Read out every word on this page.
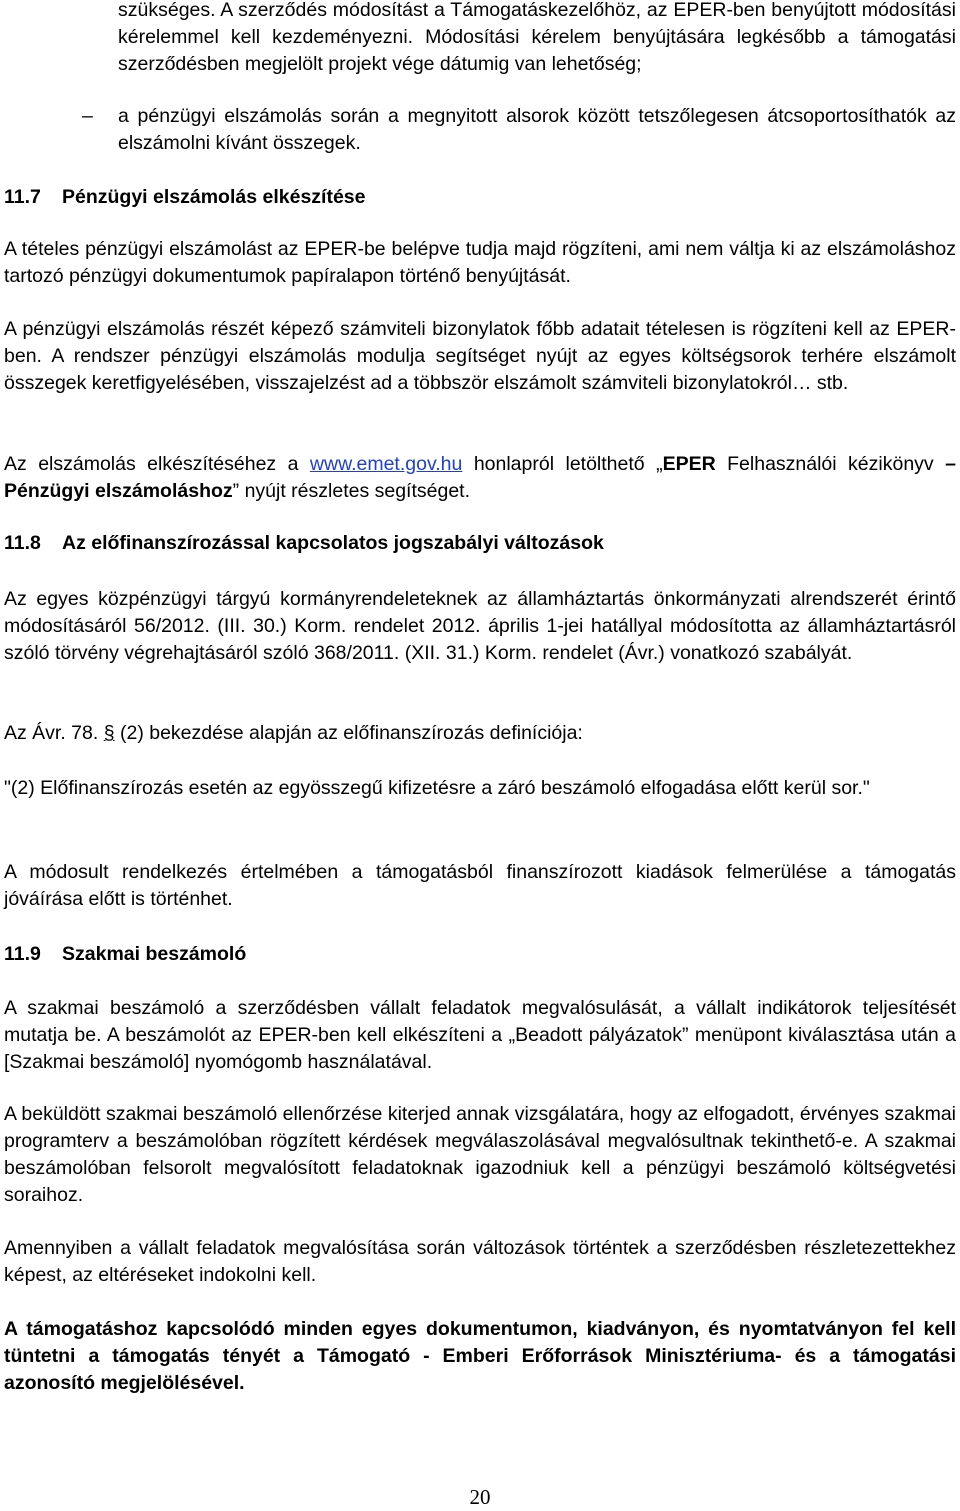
szükséges. A szerződés módosítást a Támogatáskezelőhöz, az EPER-ben benyújtott módosítási kérelemmel kell kezdeményezni. Módosítási kérelem benyújtására legkésőbb a támogatási szerződésben megjelölt projekt vége dátumig van lehetőség;

– a pénzügyi elszámolás során a megnyitott alsorok között tetszőlegesen átcsoportosíthatók az elszámolni kívánt összegek.

11.7 Pénzügyi elszámolás elkészítése

A tételes pénzügyi elszámolást az EPER-be belépve tudja majd rögzíteni, ami nem váltja ki az elszámoláshoz tartozó pénzügyi dokumentumok papíralapon történő benyújtását.

A pénzügyi elszámolás részét képező számviteli bizonylatok főbb adatait tételesen is rögzíteni kell az EPER-ben. A rendszer pénzügyi elszámolás modulja segítséget nyújt az egyes költségsorok terhére elszámolt összegek keretfigyelésében, visszajelzést ad a többször elszámolt számviteli bizonylatokról… stb.

Az elszámolás elkészítéséhez a www.emet.gov.hu honlapról letölthető „EPER Felhasználói kézikönyv – Pénzügyi elszámoláshoz” nyújt részletes segítséget.

11.8 Az előfinanszírozással kapcsolatos jogszabályi változások

Az egyes közpénzügyi tárgyú kormányrendeleteknek az államháztartás önkormányzati alrendszerét érintő módosításáról 56/2012. (III. 30.) Korm. rendelet 2012. április 1-jei hatállyal módosította az államháztartásról szóló törvény végrehajtásáról szóló 368/2011. (XII. 31.) Korm. rendelet (Ávr.) vonatkozó szabályát.

Az Ávr. 78. § (2) bekezdése alapján az előfinanszírozás definíciója:

"(2) Előfinanszírozás esetén az egyösszegű kifizetésre a záró beszámoló elfogadása előtt kerül sor."

A módosult rendelkezés értelmében a támogatásból finanszírozott kiadások felmerülése a támogatás jóváírása előtt is történhet.

11.9 Szakmai beszámoló

A szakmai beszámoló a szerződésben vállalt feladatok megvalósulását, a vállalt indikátorok teljesítését mutatja be. A beszámolót az EPER-ben kell elkészíteni a „Beadott pályázatok” menüpont kiválasztása után a [Szakmai beszámoló] nyomógomb használatával.

A beküldött szakmai beszámoló ellenőrzése kiterjed annak vizsgálatára, hogy az elfogadott, érvényes szakmai programterv a beszámolóban rögzített kérdések megválaszolásával megvalósultnak tekinthető-e. A szakmai beszámolóban felsorolt megvalósított feladatoknak igazodniuk kell a pénzügyi beszámoló költségvetési soraihoz.

Amennyiben a vállalt feladatok megvalósítása során változások történtek a szerződésben részletezettekhez képest, az eltéréseket indokolni kell.

A támogatáshoz kapcsolódó minden egyes dokumentumon, kiadványon, és nyomtatványon fel kell tüntetni a támogatás tényét a Támogató - Emberi Erőforrások Minisztériuma- és a támogatási azonosító megjelölésével.

20
